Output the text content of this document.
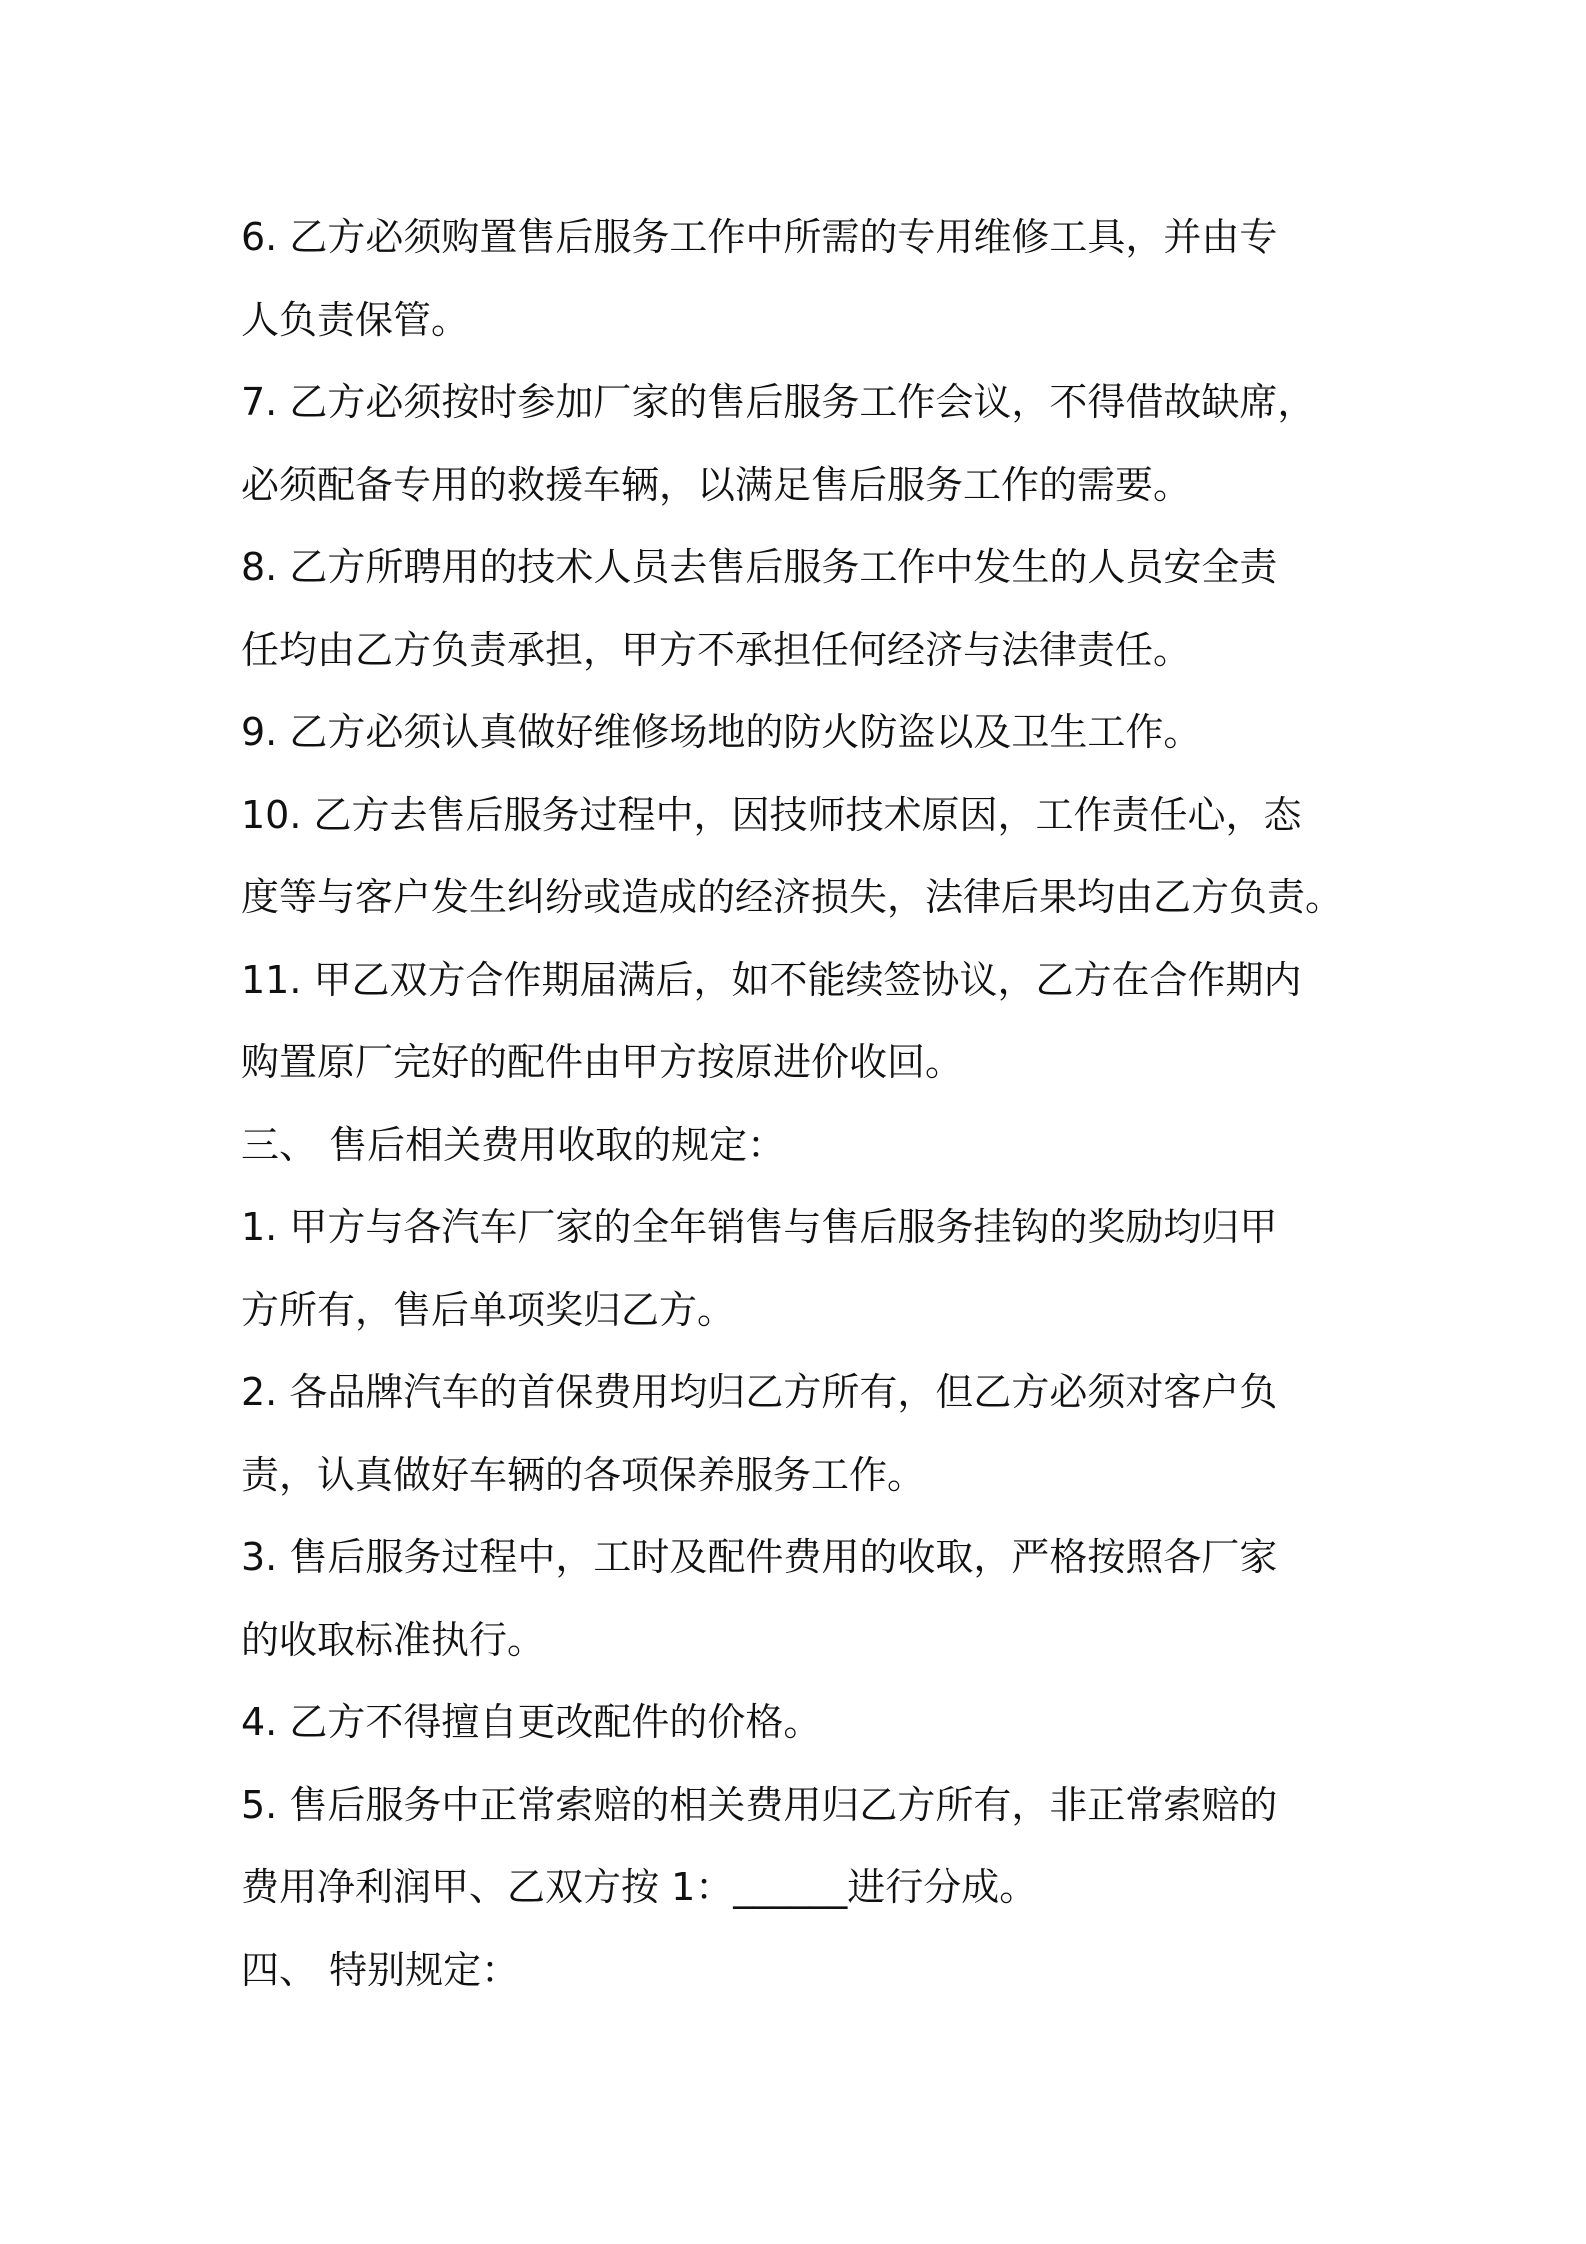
6. 乙方必须购置售后服务工作中所需的专用维修工具，并由专
人负责保管。

7. 乙方必须按时参加厂家的售后服务工作会议，不得借故缺席，
必须配备专用的救援车辆，以满足售后服务工作的需要。

8. 乙方所聘用的技术人员去售后服务工作中发生的人员安全责
任均由乙方负责承担，甲方不承担任何经济与法律责任。

9. 乙方必须认真做好维修场地的防火防盗以及卫生工作。

10. 乙方去售后服务过程中，因技师技术原因，工作责任心，态
度等与客户发生纠纷或造成的经济损失，法律后果均由乙方负责。

11. 甲乙双方合作期届满后，如不能续签协议，乙方在合作期内
购置原厂完好的配件由甲方按原进价收回。

三、 售后相关费用收取的规定：

1. 甲方与各汽车厂家的全年销售与售后服务挂钩的奖励均归甲
方所有，售后单项奖归乙方。

2. 各品牌汽车的首保费用均归乙方所有，但乙方必须对客户负
责，认真做好车辆的各项保养服务工作。

3. 售后服务过程中，工时及配件费用的收取，严格按照各厂家
的收取标准执行。

4. 乙方不得擅自更改配件的价格。

5. 售后服务中正常索赔的相关费用归乙方所有，非正常索赔的
费用净利润甲、乙双方按 1：______进行分成。

四、 特别规定：
